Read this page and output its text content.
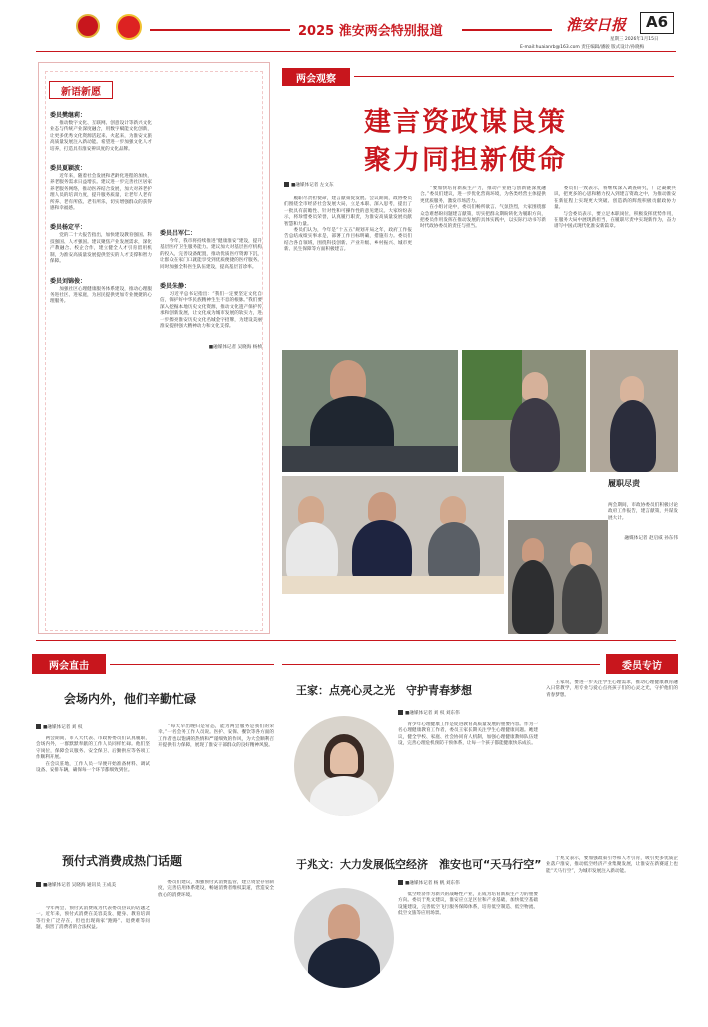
2025 淮安两会特别报道	淮安日报	A6
星期三 2026年1月15日
E-mail:huaianrb@163.com 责任编辑/潘骏 版式设计/孙晓梅
新语新愿
委员樊继莉：
　　推动数字文化、互联网、创意设计等新兴文化业态与传统产业深度融合，用数字赋能文化创新，让更多优秀文化资源活起来、火起来，为淮安文旅高质量发展注入新动能。希望进一步加强文化人才培养，打造具有淮安辨识度的文化品牌。
委员夏颖波：
　　近年来，随着社会发展和老龄化进程的加快，养老服务需求日益增长。建议进一步完善社区居家养老服务网络，推动医养结合发展，加大对养老护理人员的培训力度，提升服务质量，让老年人老有所养、老有所依、老有所乐，切实增强群众的获得感和幸福感。
委员杨定平：
　　党的二十大报告指出，加快建设教育强国、科技强国、人才强国。建议聚焦产业发展需求，深化产教融合、校企合作，建立健全人才引育留用机制，为淮安高质量发展提供坚实的人才支撑和智力保障。
委员刘锦俊：
　　加强社区心理健康服务体系建设，推动心理服务进社区、进家庭，为居民提供更加专业便捷的心理服务。
委员吕军仁：
　　今年，我市将持续推进“健康淮安”建设，提升基层医疗卫生服务能力。建议加大对基层医疗机构的投入，完善设备配置，推动优质医疗资源下沉，让群众在家门口就能享受到优质便捷的医疗服务。同时加强全科医生队伍建设，提高基层首诊率。
委员朱静：
　　习近平总书记指出：“我们一定要坚定文化自信，保护好中华民族精神生生不息的根脉。”我们要深入挖掘本地历史文化资源，推动文化遗产保护传承和创新发展，让文化成为城市发展的软实力，进一步擦亮淮安历史文化名城金字招牌，为建设美丽淮安提供强大精神动力和文化支撑。
■融媒体记者 吴晓海 杨桢
两会观察
建言资政谋良策
聚力同担新使命
■融媒体记者 左文东
　　履职尽责担使命，建言献策促发展。会议期间，政协委员们围绕全市经济社会发展大局，立足本职、深入思考，提出了一批具有前瞻性、针对性和可操作性的意见建议。大家纷纷表示，将珍惜委员荣誉，认真履行职责，为淮安高质量发展贡献智慧和力量。
　　委员们认为，今年是“十五五”规划开局之年，政府工作报告总结成绩实事求是，部署工作目标明确，措施有力。委员们结合各自领域，围绕科技创新、产业升级、乡村振兴、城市更新、民生保障等方面积极建言。
　　“要加快培育新质生产力，推动产业链与创新链深度融合。”委员们建议，进一步优化营商环境，为各类经营主体提供更优质服务，激发市场活力。
　　在小组讨论中，委员们畅所欲言、气氛热烈，大家围绕群众急难愁盼问题建言献策，切实把群众期盼转化为履职方向，把委员作用发挥在推动发展的具体实践中，以实际行动书写新时代政协委员的责任与担当。
　　委员们一致表示，将继续深入调查研究，广泛凝聚共识，把更多的心思和精力投入到建言资政之中，为推动淮安在新征程上实现更大突破、创造新的辉煌积极贡献政协力量。
　　与会委员表示，要立足本职岗位，积极发挥优势作用，在服务大局中展现新担当，在履职尽责中实现新作为，奋力谱写中国式现代化淮安新篇章。
履职尽责
两会期间，市政协委员们积极讨论政府工作报告，建言献策，共谋发展大计。
融媒体记者 赵启威 孙东伟
两会直击
会场内外，他们辛勤忙碌
■融媒体记者 刘 权
　　两会期间，市人大代表、市政协委员们认真履职，会场内外，一群默默奉献的工作人员同样忙碌。他们坚守岗位，保障会议服务、安全保卫、后勤供应等各项工作顺利开展。
　　在会议驻地，工作人员一早便开始准备材料、调试设备、安排车辆，确保每一个环节都细致到位。
　　“每天早出晚归是常态，能为两会服务是我们的荣幸。”一名会务工作人员说。医护、安保、餐饮等各方面的工作者也以饱满的热情和严谨细致的作风，为大会顺利召开提供有力保障，展现了淮安干部群众的良好精神风貌。
预付式消费成热门话题
■融媒体记者 吴晓海 通讯员 王成美
　　今年两会，预付式消费成为代表委员热议的话题之一。近年来，预付式消费在美容美发、健身、教育培训等行业广泛存在，但也出现商家“跑路”、退费难等问题，损害了消费者的合法权益。
　　委员们建议，加强预付式消费监管，建立资金存管制度，完善信用体系建设，畅通消费者维权渠道，营造安全放心的消费环境。
委员专访
王家：点亮心灵之光　守护青春梦想
■融媒体记者 刘 权 刘东伟
　　青少年心理健康工作是促进教育高质量发展的重要内容。作为一名心理健康教育工作者，委员王家长期关注学生心理健康问题。她建议，健全学校、家庭、社会协同育人机制，加强心理健康教师队伍建设，完善心理危机预防干预体系，让每一个孩子都能健康快乐成长。
　　王家说，要进一步关注学生心理需求，推动心理健康教育融入日常教学，用专业与爱心点亮孩子们的心灵之光，守护他们的青春梦想。
于兆文：大力发展低空经济　淮安也可“天马行空”
■融媒体记者 杨 帆 刘东伟
　　低空经济作为新兴的战略性产业，正成为培育新质生产力的重要方向。委员于兆文建议，淮安应立足区位和产业基础，加快低空基础设施建设，完善低空飞行服务保障体系，培育低空制造、低空物流、低空文旅等应用场景。
　　于兆文表示，要加强政策引导和人才引育，吸引更多优质企业落户淮安，推动低空经济产业集聚发展，让淮安在新赛道上也能“天马行空”，为城市发展注入新动能。
